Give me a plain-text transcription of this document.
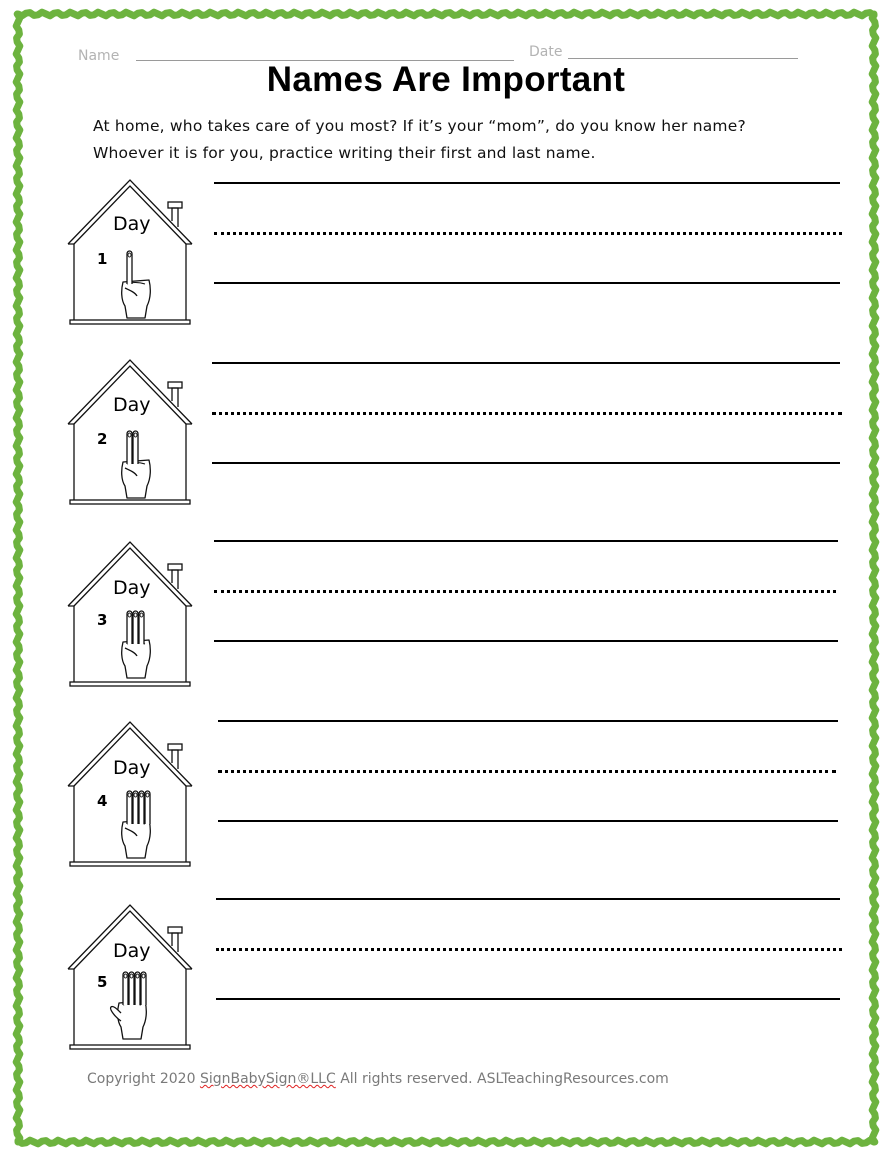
Name	Date
Names Are Important
At home, who takes care of you most? If it’s your “mom”, do you know her name?
Whoever it is for you, practice writing their first and last name.
Day
1
Day
2
Day
3
Day
4
Day
5
Copyright 2020 SignBabySign®LLC All rights reserved. ASLTeachingResources.com
